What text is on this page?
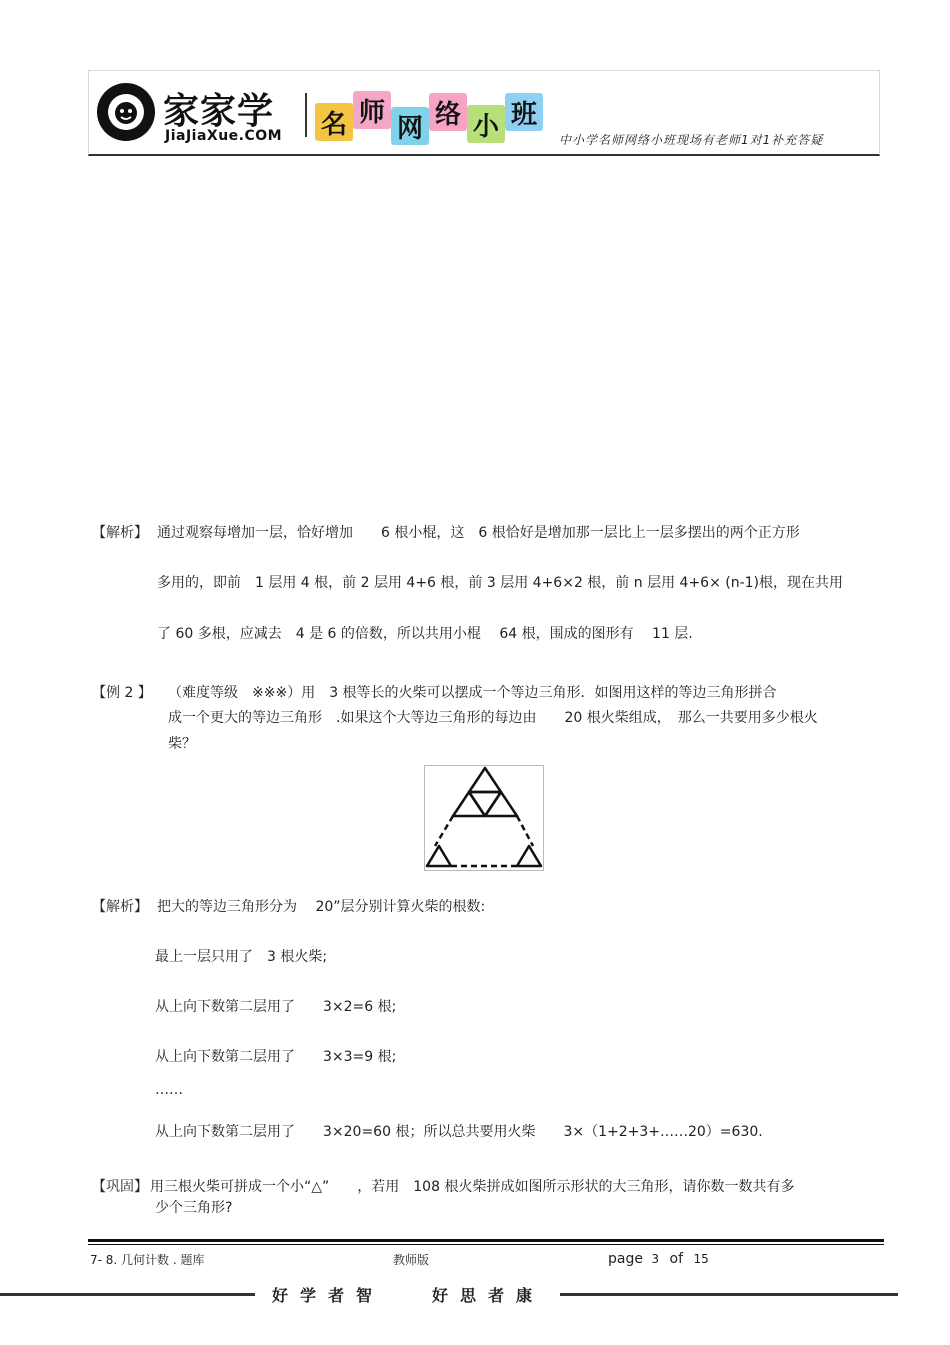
家家学
JiaJiaXue.COM 名 师
网 络 小 班
中小学名师网络小班现场有老师1对1补充答疑
【解析】 通过观察每增加一层，恰好增加　　6 根小棍，这　6 根恰好是增加那一层比上一层多摆出的两个正方形
多用的，即前　1 层用 4 根，前 2 层用 4+6 根，前 3 层用 4+6×2 根，前 n 层用 4+6× (n-1)根，现在共用
了 60 多根，应减去　4 是 6 的倍数，所以共用小棍　 64 根，围成的图形有　 11 层.
【例 2 】 （难度等级　※※※）用　3 根等长的火柴可以摆成一个等边三角形．如图用这样的等边三角形拼合
成一个更大的等边三角形　.如果这个大等边三角形的每边由　　20 根火柴组成，　那么一共要用多少根火
柴？
【解析】 把大的等边三角形分为　 20”层分别计算火柴的根数:
最上一层只用了　3 根火柴;
从上向下数第二层用了　　3×2=6 根;
从上向下数第二层用了　　3×3=9 根;
……
从上向下数第二层用了　　3×20=60 根；所以总共要用火柴　　3×（1+2+3+……20）=630.
【巩固】 用三根火柴可拼成一个小“△”　　，若用　108 根火柴拼成如图所示形状的大三角形，请你数一数共有多
少个三角形?
7- 8. 几何计数 . 题库	教师版	page 3 of 15
好学者智	好思者康
